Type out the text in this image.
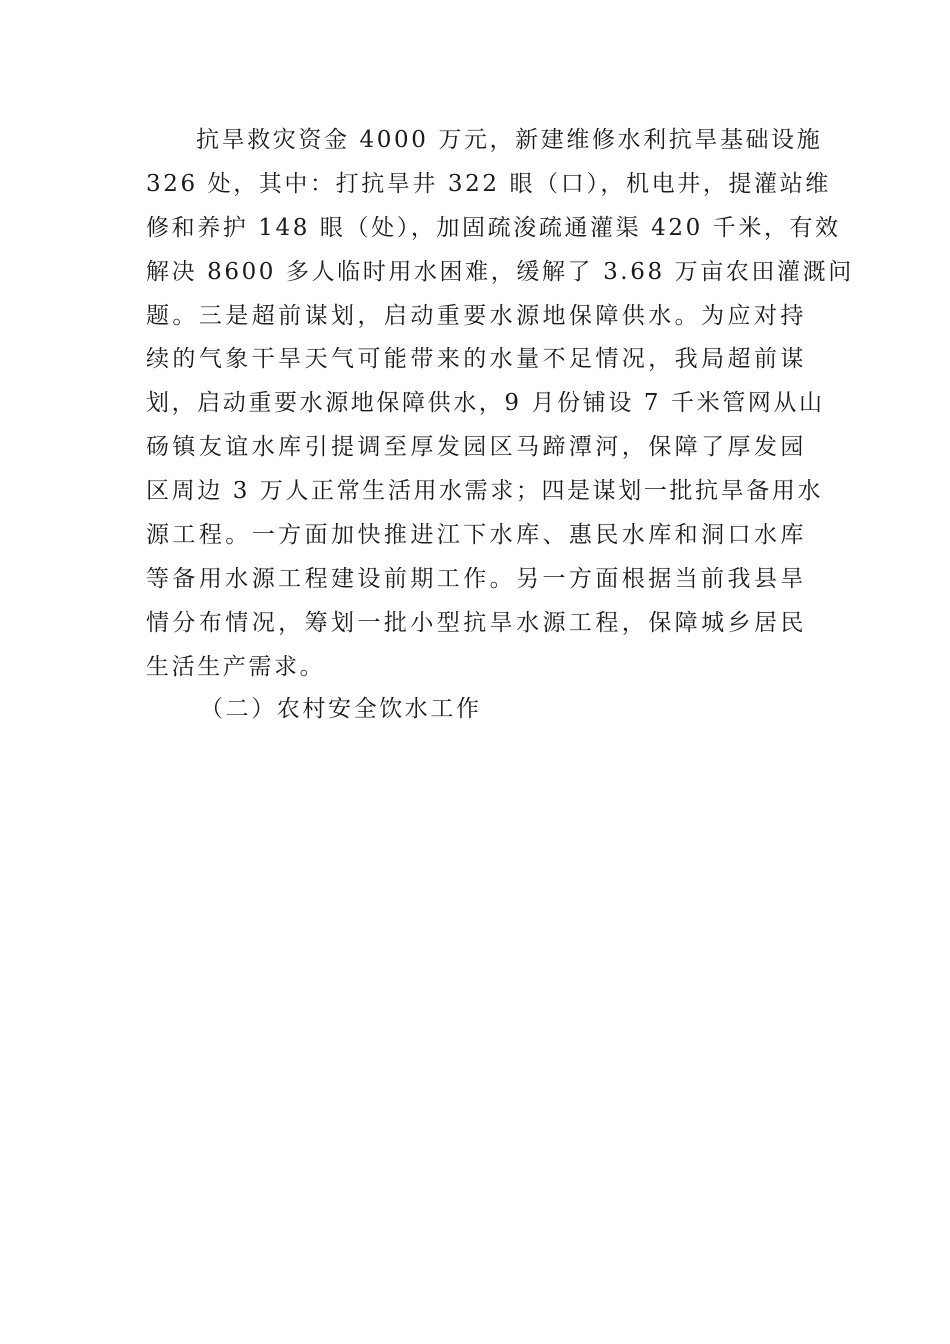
抗旱救灾资金 4000 万元，新建维修水利抗旱基础设施
326 处，其中：打抗旱井 322 眼（口），机电井，提灌站维
修和养护 148 眼（处），加固疏浚疏通灌渠 420 千米，有效
解决 8600 多人临时用水困难，缓解了 3.68 万亩农田灌溉问
题。三是超前谋划，启动重要水源地保障供水。为应对持
续的气象干旱天气可能带来的水量不足情况，我局超前谋
划，启动重要水源地保障供水，9 月份铺设 7 千米管网从山
砀镇友谊水库引提调至厚发园区马蹄潭河，保障了厚发园
区周边 3 万人正常生活用水需求；四是谋划一批抗旱备用水
源工程。一方面加快推进江下水库、惠民水库和洞口水库
等备用水源工程建设前期工作。另一方面根据当前我县旱
情分布情况，筹划一批小型抗旱水源工程，保障城乡居民
生活生产需求。
（二）农村安全饮水工作
